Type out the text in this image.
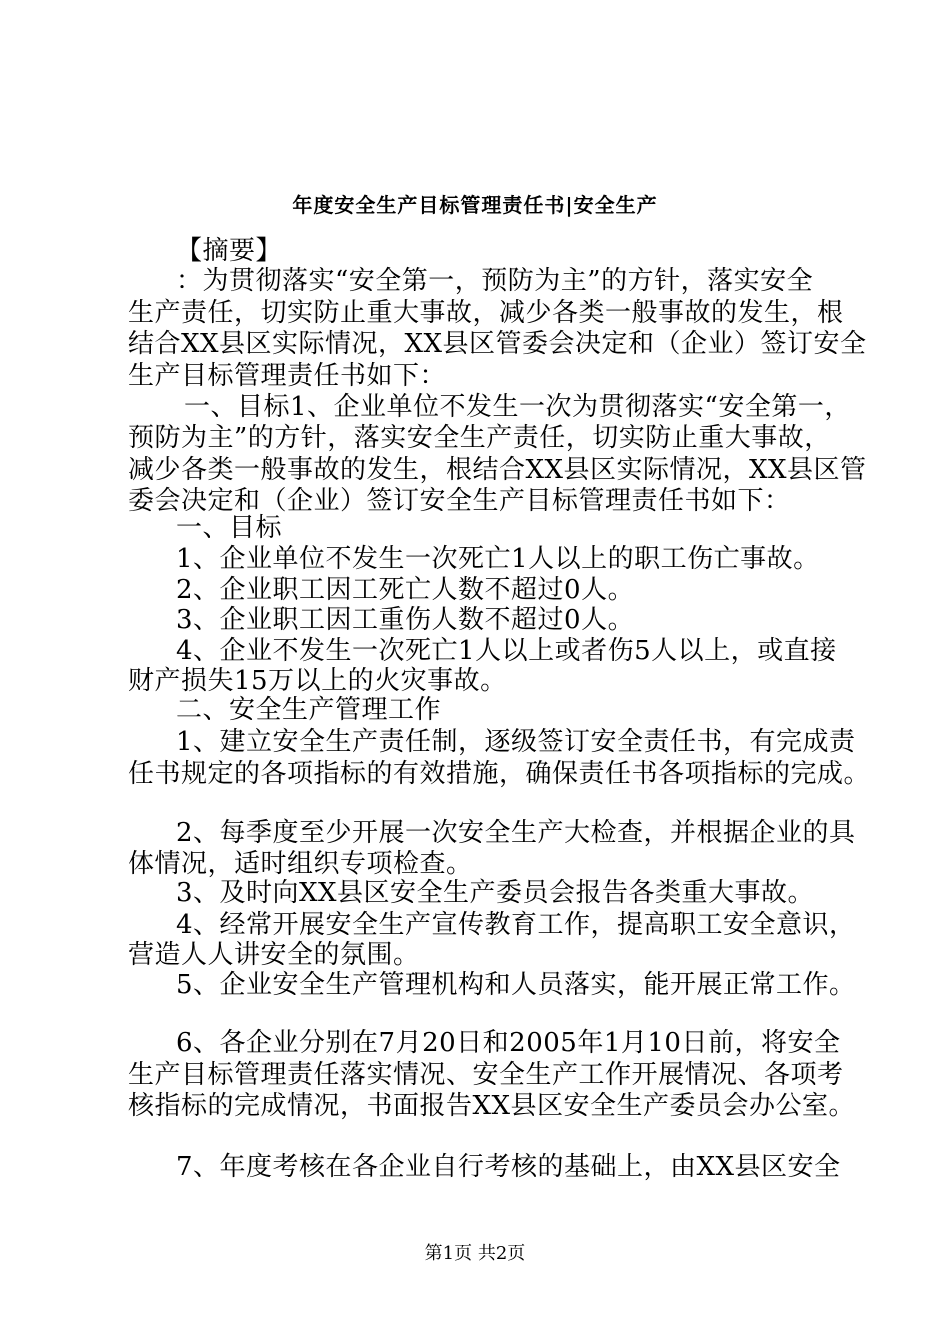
年度安全生产目标管理责任书|安全生产
【摘要】
：为贯彻落实“安全第一，预防为主”的方针，落实安全
生产责任，切实防止重大事故，减少各类一般事故的发生，根
结合XX县区实际情况，XX县区管委会决定和（企业）签订安全
生产目标管理责任书如下：
一、目标1、企业单位不发生一次为贯彻落实“安全第一，
预防为主”的方针，落实安全生产责任，切实防止重大事故，
减少各类一般事故的发生，根结合XX县区实际情况，XX县区管
委会决定和（企业）签订安全生产目标管理责任书如下：
一、目标
1、企业单位不发生一次死亡1人以上的职工伤亡事故。
2、企业职工因工死亡人数不超过0人。
3、企业职工因工重伤人数不超过0人。
4、企业不发生一次死亡1人以上或者伤5人以上，或直接
财产损失15万以上的火灾事故。
二、安全生产管理工作
1、建立安全生产责任制，逐级签订安全责任书，有完成责
任书规定的各项指标的有效措施，确保责任书各项指标的完成。
2、每季度至少开展一次安全生产大检查，并根据企业的具
体情况，适时组织专项检查。
3、及时向XX县区安全生产委员会报告各类重大事故。
4、经常开展安全生产宣传教育工作，提高职工安全意识，
营造人人讲安全的氛围。
5、企业安全生产管理机构和人员落实，能开展正常工作。
6、各企业分别在7月20日和2005年1月10日前，将安全
生产目标管理责任落实情况、安全生产工作开展情况、各项考
核指标的完成情况，书面报告XX县区安全生产委员会办公室。
7、年度考核在各企业自行考核的基础上，由XX县区安全
第1页 共2页
